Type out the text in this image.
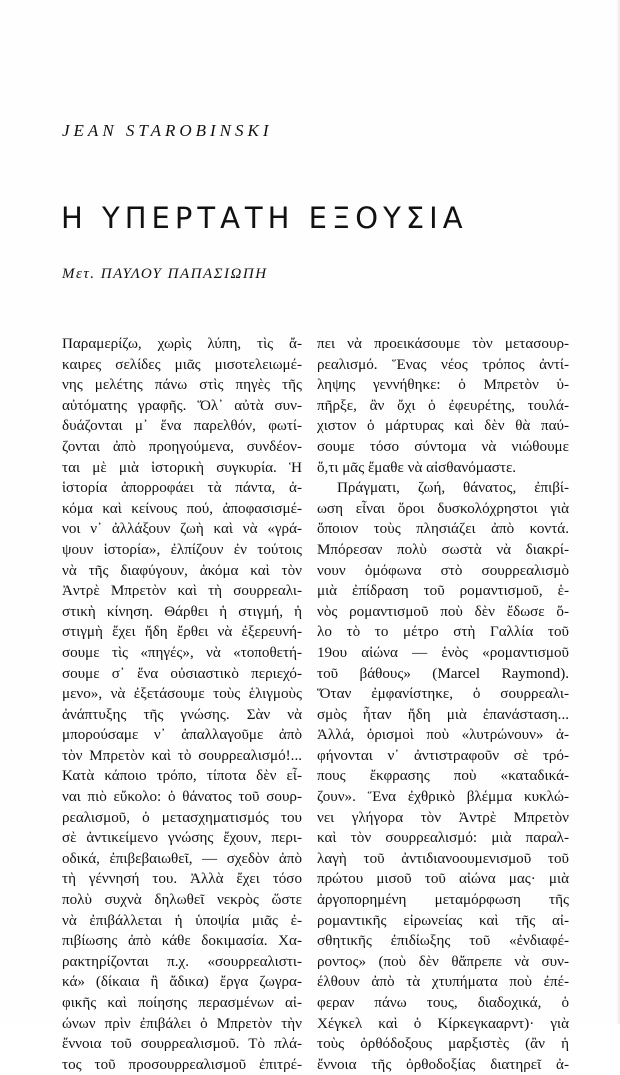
JEAN STAROBINSKI
Η ΥΠΕΡΤΑΤΗ ΕΞΟΥΣΙΑ
Μετ. ΠΑΥΛΟΥ ΠΑΠΑΣΙΩΠΗ
Παραμερίζω, χωρὶς λύπη, τὶς ἄ-
καιρες σελίδες μιᾶς μισοτελειωμέ-
νης μελέτης πάνω στὶς πηγὲς τῆς
αὐτόματης γραφῆς. Ὅλ᾽ αὐτὰ συν-
δυάζονται μ᾽ ἕνα παρελθόν, φωτί-
ζονται ἀπὸ προηγούμενα, συνδέον-
ται μὲ μιὰ ἱστορικὴ συγκυρία. Ἡ
ἱστορία ἀπορροφάει τὰ πάντα, ἀ-
κόμα καὶ κείνους πού, ἀποφασισμέ-
νοι ν᾽ ἀλλάξουν ζωὴ καὶ νὰ «γρά-
ψουν ἱστορία», ἐλπίζουν ἐν τούτοις
νὰ τῆς διαφύγουν, ἀκόμα καὶ τὸν
Ἀντρὲ Μπρετὸν καὶ τὴ σουρρεαλι-
στικὴ κίνηση. Θάρθει ἡ στιγμή, ἡ
στιγμὴ ἔχει ἤδη ἔρθει νὰ ἐξερευνή-
σουμε τὶς «πηγές», νὰ «τοποθετή-
σουμε σ᾽ ἕνα οὐσιαστικὸ περιεχό-
μενο», νὰ ἐξετάσουμε τοὺς ἑλιγμοὺς
ἀνάπτυξης τῆς γνώσης. Σὰν νὰ
μπορούσαμε ν᾽ ἀπαλλαγοῦμε ἀπὸ
τὸν Μπρετὸν καὶ τὸ σουρρεαλισμό!...
Κατὰ κάποιο τρόπο, τίποτα δὲν εἶ-
ναι πιὸ εὔκολο: ὁ θάνατος τοῦ σουρ-
ρεαλισμοῦ, ὁ μετασχηματισμός του
σὲ ἀντικείμενο γνώσης ἔχουν, περι-
οδικά, ἐπιβεβαιωθεῖ, — σχεδὸν ἀπὸ
τὴ γέννησή του. Ἀλλὰ ἔχει τόσο
πολὺ συχνὰ δηλωθεῖ νεκρὸς ὥστε
νὰ ἐπιβάλλεται ἡ ὑποψία μιᾶς ἐ-
πιβίωσης ἀπὸ κάθε δοκιμασία. Χα-
ρακτηρίζονται π.χ. «σουρρεαλιστι-
κά» (δίκαια ἢ ἄδικα) ἔργα ζωγρα-
φικῆς καὶ ποίησης περασμένων αἰ-
ώνων πρὶν ἐπιβάλει ὁ Μπρετὸν τὴν
ἔννοια τοῦ σουρρεαλισμοῦ. Τὸ πλά-
τος τοῦ προσουρρεαλισμοῦ ἐπιτρέ-
πει νὰ προεικάσουμε τὸν μετασουρ-
ρεαλισμό. Ἕνας νέος τρόπος ἀντί-
ληψης γεννήθηκε: ὁ Μπρετὸν ὑ-
πῆρξε, ἂν ὄχι ὁ ἐφευρέτης, τουλά-
χιστον ὁ μάρτυρας καὶ δὲν θὰ παύ-
σουμε τόσο σύντομα νὰ νιώθουμε
ὅ,τι μᾶς ἔμαθε νὰ αἰσθανόμαστε.
Πράγματι, ζωή, θάνατος, ἐπιβί-
ωση εἶναι ὅροι δυσκολόχρηστοι γιὰ
ὅποιον τοὺς πλησιάζει ἀπὸ κοντά.
Μπόρεσαν πολὺ σωστὰ νὰ διακρί-
νουν ὁμόφωνα στὸ σουρρεαλισμὸ
μιὰ ἐπίδραση τοῦ ρομαντισμοῦ, ἑ-
νὸς ρομαντισμοῦ ποὺ δὲν ἔδωσε ὅ-
λο τὸ το μέτρο στὴ Γαλλία τοῦ
19ου αἰώνα — ἑνὸς «ρομαντισμοῦ
τοῦ βάθους» (Marcel Raymond).
Ὅταν ἐμφανίστηκε, ὁ σουρρεαλι-
σμὸς ἦταν ἤδη μιὰ ἐπανάσταση...
Ἀλλά, ὁρισμοὶ ποὺ «λυτρώνουν» ἀ-
φήνονται ν᾽ ἀντιστραφοῦν σὲ τρό-
πους ἔκφρασης ποὺ «καταδικά-
ζουν». Ἕνα ἐχθρικὸ βλέμμα κυκλώ-
νει γλήγορα τὸν Ἀντρὲ Μπρετὸν
καὶ τὸν σουρρεαλισμό: μιὰ παραλ-
λαγὴ τοῦ ἀντιδιανοουμενισμοῦ τοῦ
πρώτου μισοῦ τοῦ αἰώνα μας· μιὰ
ἀργοπορημένη μεταμόρφωση τῆς
ρομαντικῆς εἰρωνείας καὶ τῆς αἰ-
σθητικῆς ἐπιδίωξης τοῦ «ἐνδιαφέ-
ροντος» (ποὺ δὲν θἄπρεπε νὰ συν-
έλθουν ἀπὸ τὰ χτυπήματα ποὺ ἐπέ-
φεραν πάνω τους, διαδοχικά, ὁ
Χέγκελ καὶ ὁ Κίρκεγκααρντ)· γιὰ
τοὺς ὀρθόδοξους μαρξιστὲς (ἂν ἡ
ἔννοια τῆς ὀρθοδοξίας διατηρεῖ ἀ-
